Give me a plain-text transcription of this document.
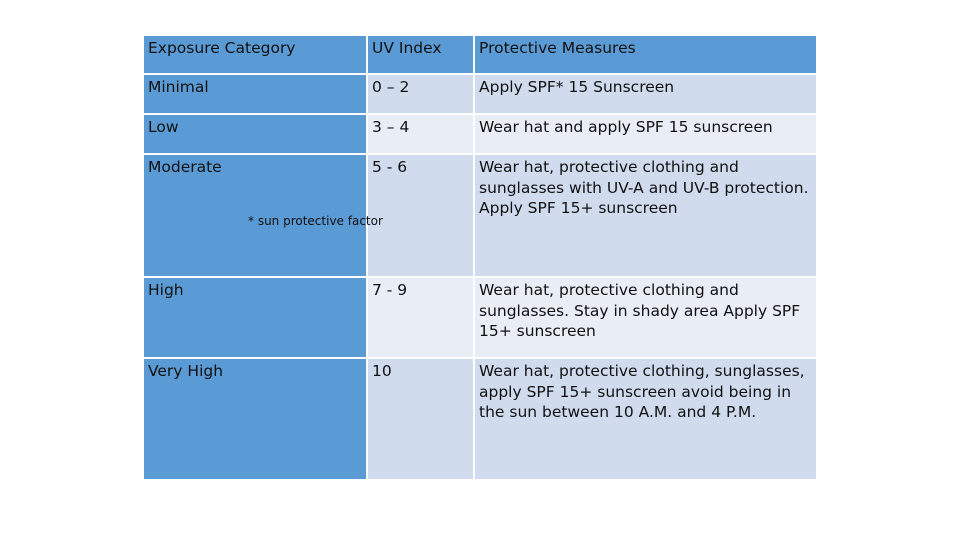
Exposure Category	UV Index	Protective Measures
Minimal	0 – 2	Apply SPF* 15 Sunscreen
Low	3 – 4	Wear hat and apply SPF 15 sunscreen
Moderate	5 - 6	Wear hat, protective clothing and sunglasses with UV-A and UV-B protection. Apply SPF 15+ sunscreen
High	7 - 9	Wear hat, protective clothing and sunglasses. Stay in shady area Apply SPF 15+ sunscreen
Very High	10	Wear hat, protective clothing, sunglasses, apply SPF 15+ sunscreen avoid being in the sun between 10 A.M. and 4 P.M.
* sun protective factor
